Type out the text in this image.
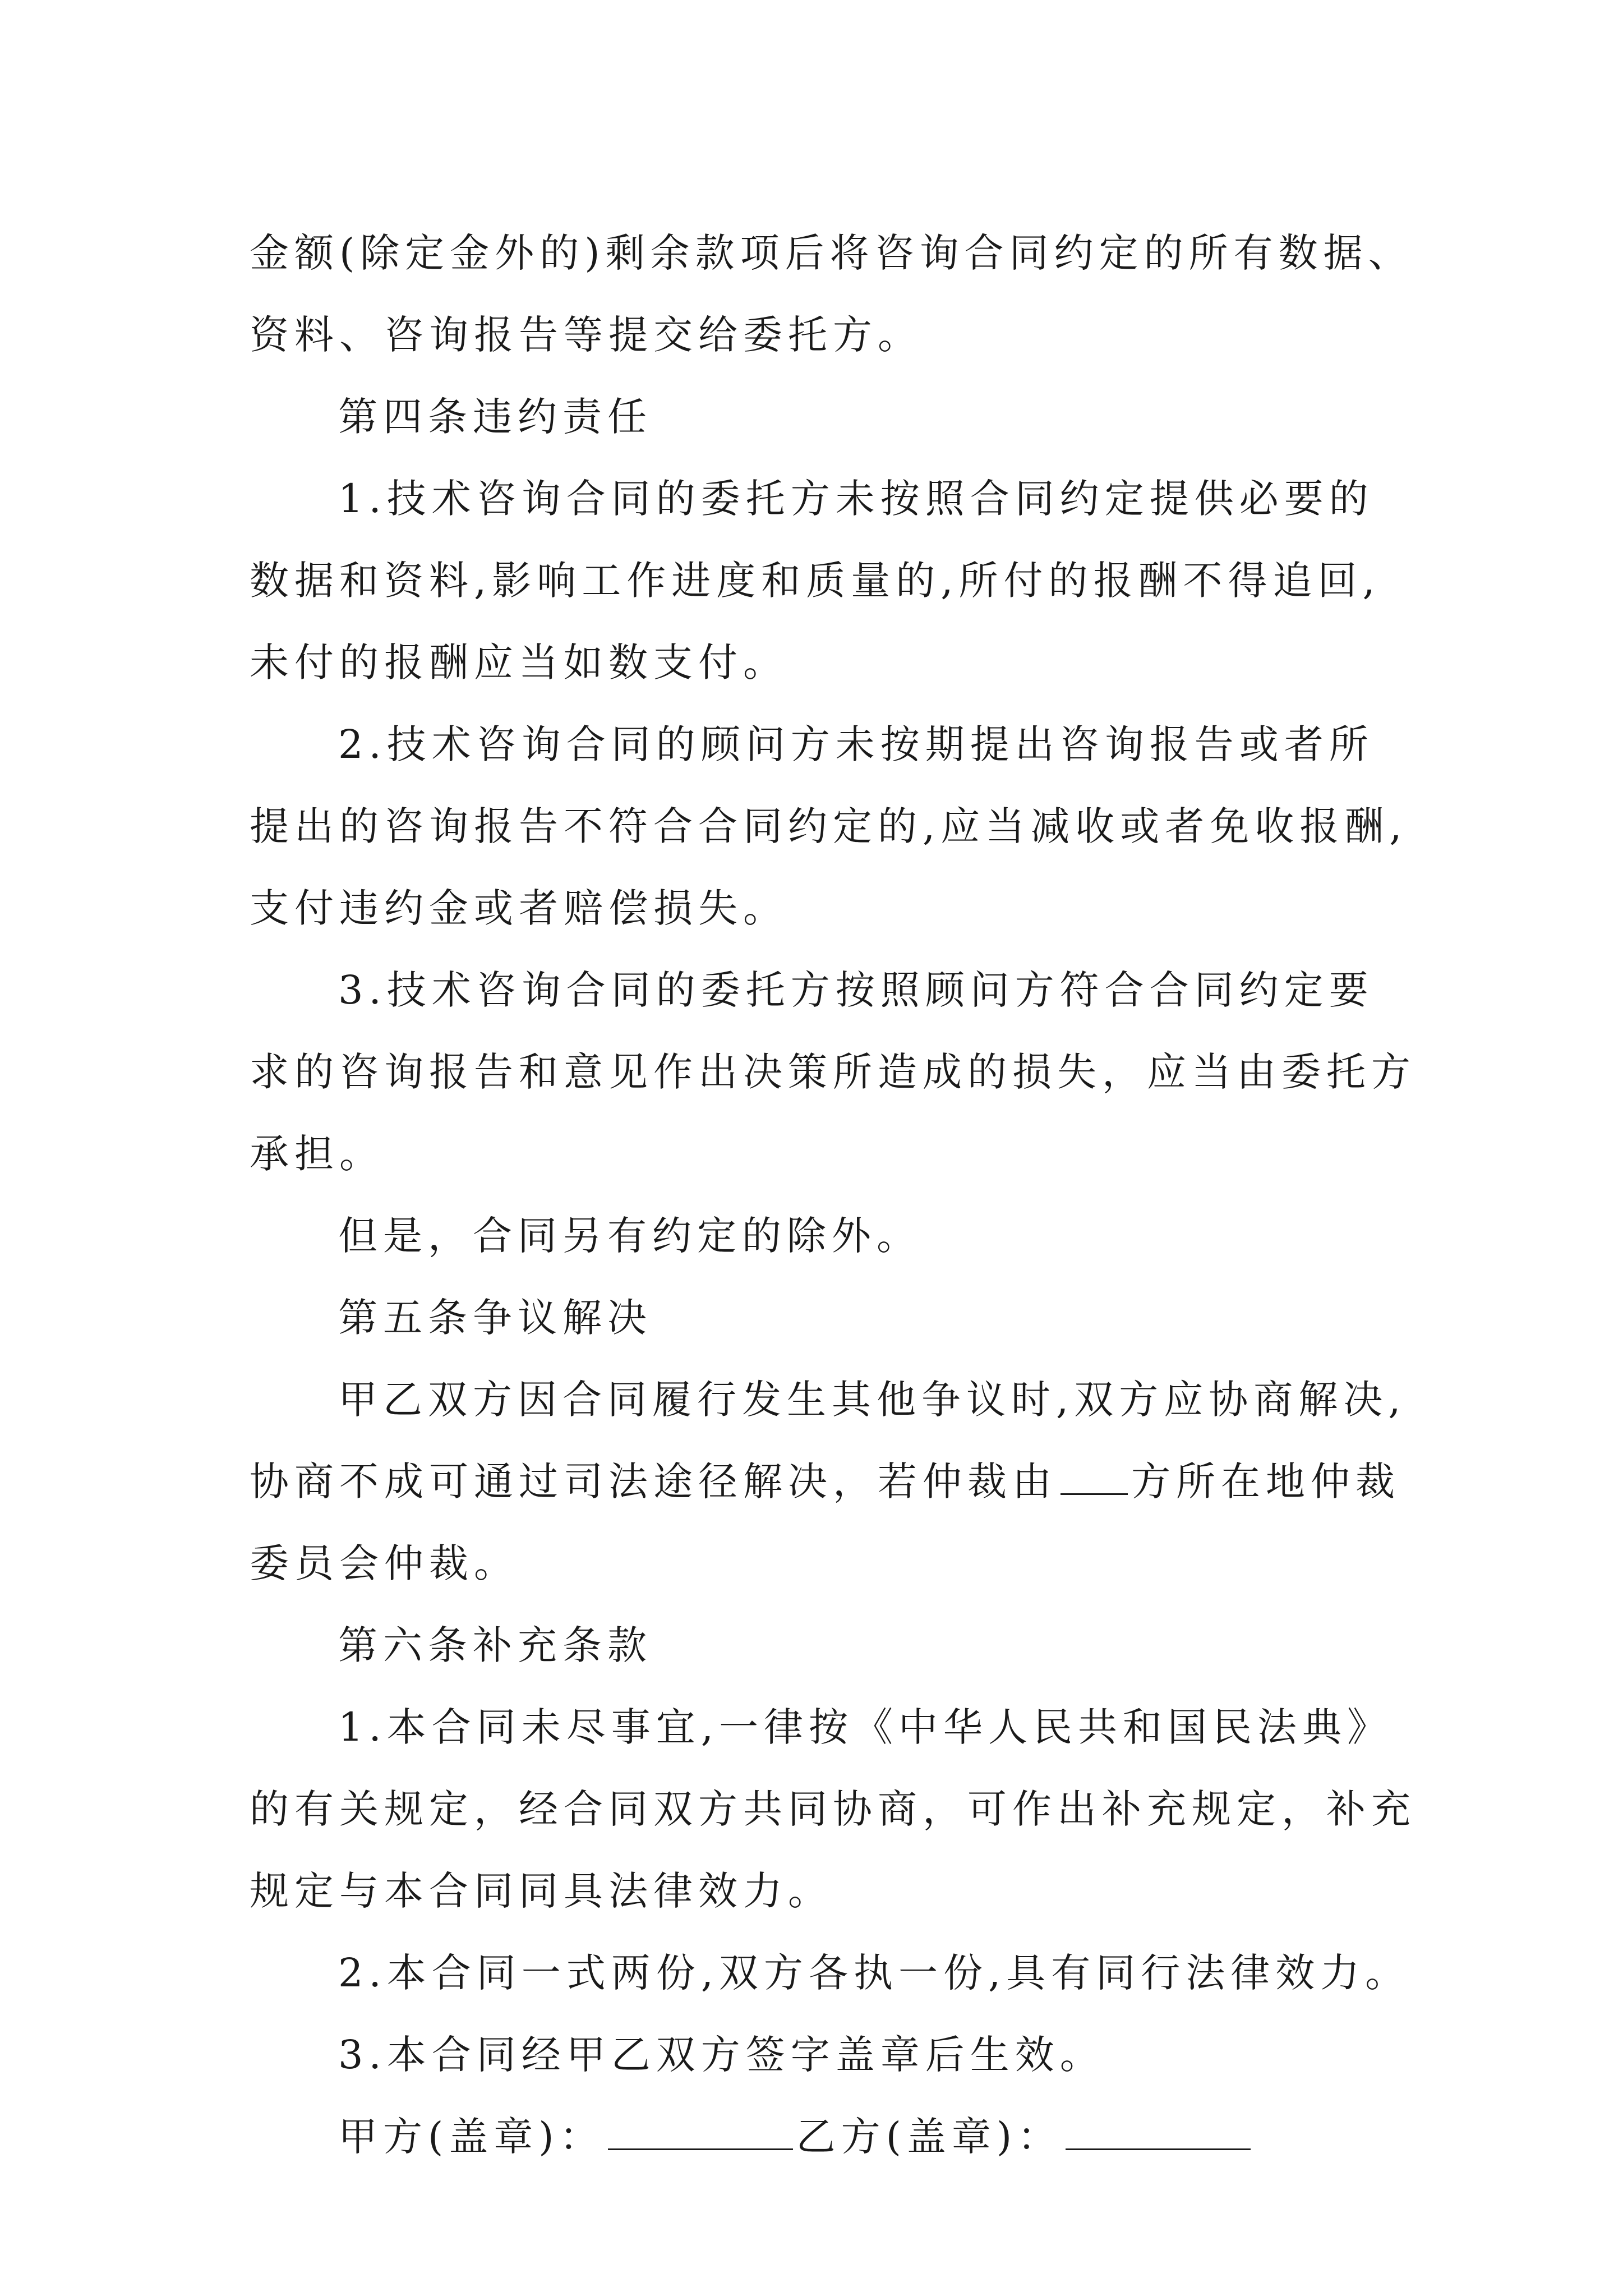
金额(除定金外的)剩余款项后将咨询合同约定的所有数据、
资料、咨询报告等提交给委托方。
第四条违约责任
1.技术咨询合同的委托方未按照合同约定提供必要的
数据和资料,影响工作进度和质量的,所付的报酬不得追回,
未付的报酬应当如数支付。
2.技术咨询合同的顾问方未按期提出咨询报告或者所
提出的咨询报告不符合合同约定的,应当减收或者免收报酬,
支付违约金或者赔偿损失。
3.技术咨询合同的委托方按照顾问方符合合同约定要
求的咨询报告和意见作出决策所造成的损失，应当由委托方
承担。
但是，合同另有约定的除外。
第五条争议解决
甲乙双方因合同履行发生其他争议时,双方应协商解决,
协商不成可通过司法途径解决，若仲裁由 方所在地仲裁
委员会仲裁。
第六条补充条款
1.本合同未尽事宜,一律按《中华人民共和国民法典》
的有关规定，经合同双方共同协商，可作出补充规定，补充
规定与本合同同具法律效力。
2.本合同一式两份,双方各执一份,具有同行法律效力。
3.本合同经甲乙双方签字盖章后生效。
甲方(盖章)：	乙方(盖章)：
